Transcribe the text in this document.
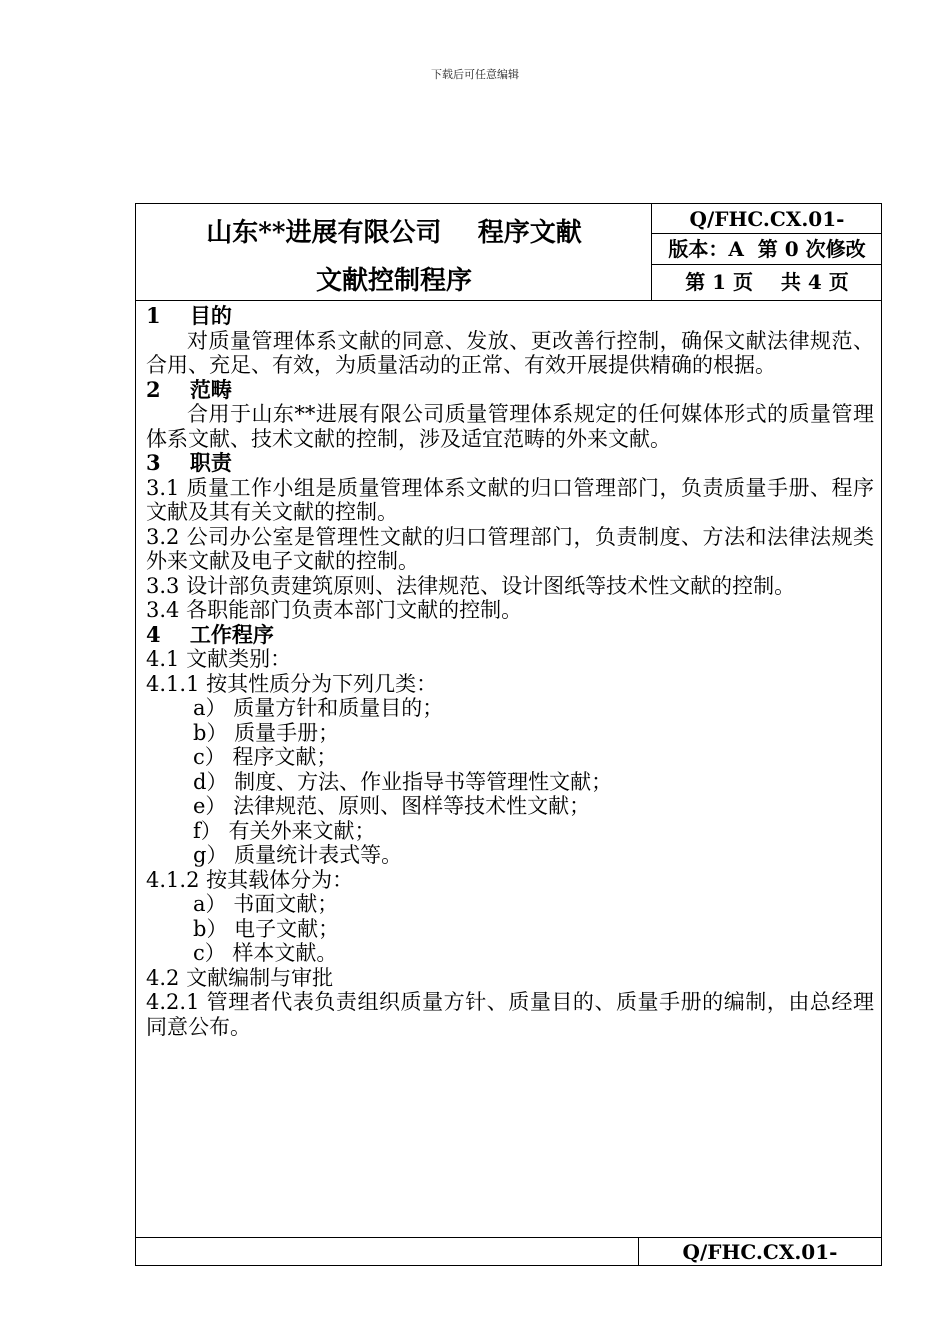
下载后可任意编辑
山东**进展有限公司    程序文献
文献控制程序
Q/FHC.CX.01-
版本：A  第 0 次修改
第 1 页    共 4 页
1    目的
对质量管理体系文献的同意、发放、更改善行控制，确保文献法律规范、合用、充足、有效，为质量活动的正常、有效开展提供精确的根据。
2    范畴
合用于山东**进展有限公司质量管理体系规定的任何媒体形式的质量管理体系文献、技术文献的控制，涉及适宜范畴的外来文献。
3    职责
3.1 质量工作小组是质量管理体系文献的归口管理部门，负责质量手册、程序文献及其有关文献的控制。
3.2 公司办公室是管理性文献的归口管理部门，负责制度、方法和法律法规类外来文献及电子文献的控制。
3.3 设计部负责建筑原则、法律规范、设计图纸等技术性文献的控制。
3.4 各职能部门负责本部门文献的控制。
4    工作程序
4.1 文献类别：
4.1.1 按其性质分为下列几类：
a） 质量方针和质量目的；
b） 质量手册；
c） 程序文献；
d） 制度、方法、作业指导书等管理性文献；
e） 法律规范、原则、图样等技术性文献；
f） 有关外来文献；
g） 质量统计表式等。
4.1.2 按其载体分为：
a） 书面文献；
b） 电子文献；
c） 样本文献。
4.2 文献编制与审批
4.2.1 管理者代表负责组织质量方针、质量目的、质量手册的编制，由总经理同意公布。
Q/FHC.CX.01-
